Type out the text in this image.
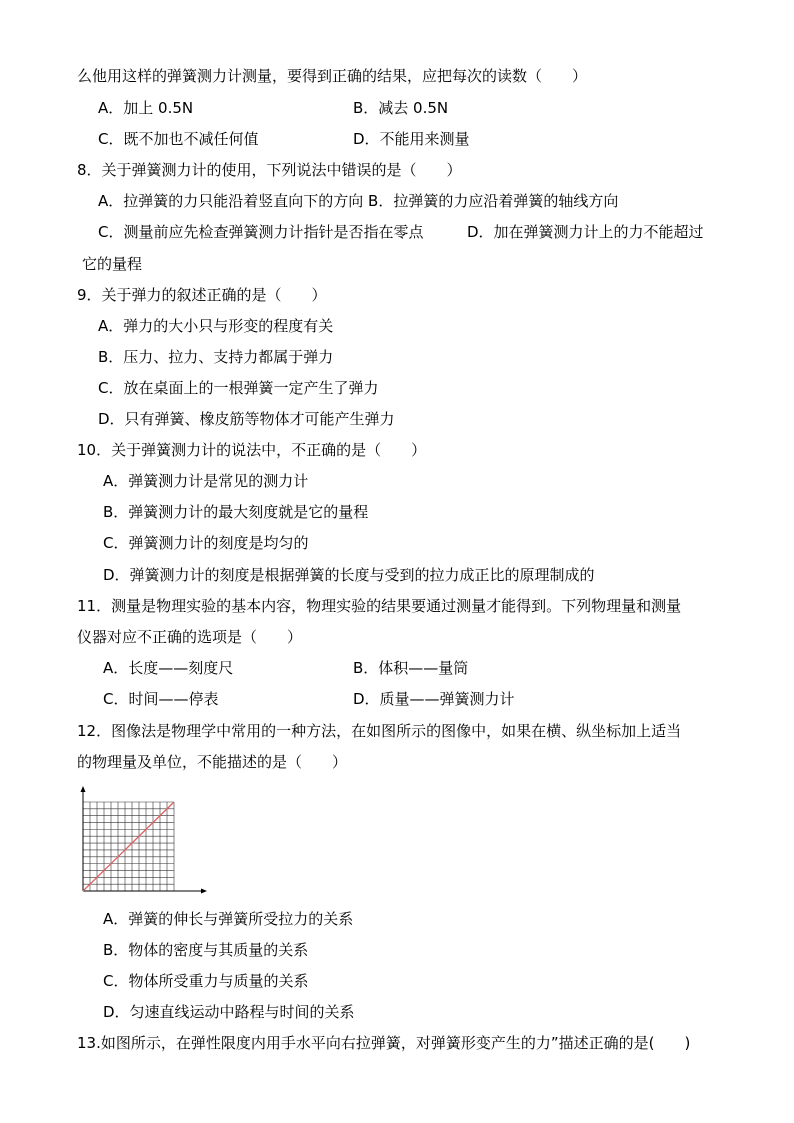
么他用这样的弹簧测力计测量，要得到正确的结果，应把每次的读数（　　）
A．加上 0.5N	B．减去 0.5N
C．既不加也不减任何值	D．不能用来测量
8．关于弹簧测力计的使用，下列说法中错误的是（　　）
A．拉弹簧的力只能沿着竖直向下的方向 B．拉弹簧的力应沿着弹簧的轴线方向
C．测量前应先检查弹簧测力计指针是否指在零点	D．加在弹簧测力计上的力不能超过
它的量程
9．关于弹力的叙述正确的是（　　）
A．弹力的大小只与形变的程度有关
B．压力、拉力、支持力都属于弹力
C．放在桌面上的一根弹簧一定产生了弹力
D．只有弹簧、橡皮筋等物体才可能产生弹力
10．关于弹簧测力计的说法中，不正确的是（　　）
A．弹簧测力计是常见的测力计
B．弹簧测力计的最大刻度就是它的量程
C．弹簧测力计的刻度是均匀的
D．弹簧测力计的刻度是根据弹簧的长度与受到的拉力成正比的原理制成的
11．测量是物理实验的基本内容，物理实验的结果要通过测量才能得到。下列物理量和测量
仪器对应不正确的选项是（　　）
A．长度——刻度尺	B．体积——量筒
C．时间——停表	D．质量——弹簧测力计
12．图像法是物理学中常用的一种方法，在如图所示的图像中，如果在横、纵坐标加上适当
的物理量及单位，不能描述的是（　　）
A．弹簧的伸长与弹簧所受拉力的关系
B．物体的密度与其质量的关系
C．物体所受重力与质量的关系
D．匀速直线运动中路程与时间的关系
13.如图所示，在弹性限度内用手水平向右拉弹簧，对弹簧形变产生的力”描述正确的是(　　)
